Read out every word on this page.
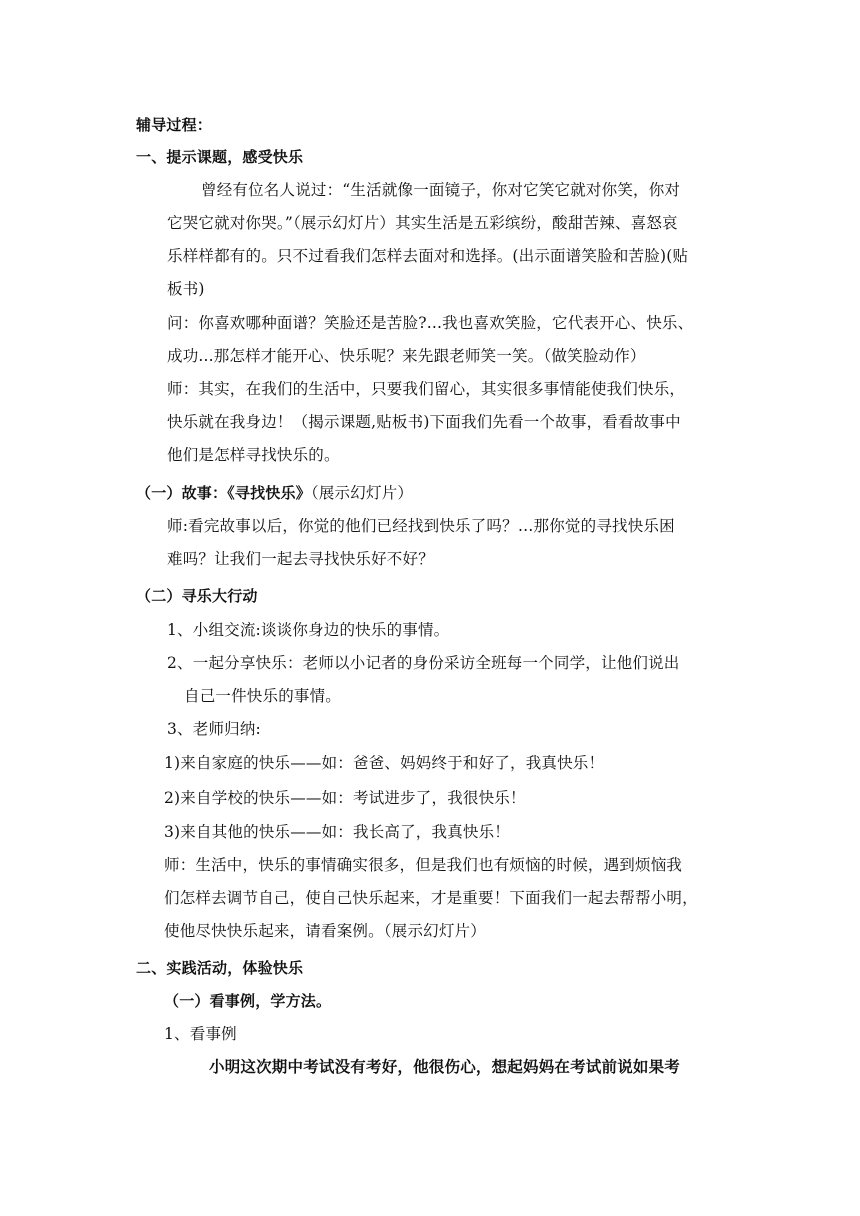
辅导过程：
一、提示课题，感受快乐
曾经有位名人说过：“生活就像一面镜子，你对它笑它就对你笑，你对
它哭它就对你哭。”（展示幻灯片）其实生活是五彩缤纷，酸甜苦辣、喜怒哀
乐样样都有的。只不过看我们怎样去面对和选择。(出示面谱笑脸和苦脸)(贴
板书)
问：你喜欢哪种面谱？笑脸还是苦脸?...我也喜欢笑脸，它代表开心、快乐、
成功...那怎样才能开心、快乐呢？来先跟老师笑一笑。（做笑脸动作）
师：其实，在我们的生活中，只要我们留心，其实很多事情能使我们快乐，
快乐就在我身边！（揭示课题,贴板书)下面我们先看一个故事，看看故事中
他们是怎样寻找快乐的。
（一）故事：《寻找快乐》（展示幻灯片）
师:看完故事以后，你觉的他们已经找到快乐了吗？…那你觉的寻找快乐困
难吗？让我们一起去寻找快乐好不好？
（二）寻乐大行动
1、小组交流:谈谈你身边的快乐的事情。
2、一起分享快乐：老师以小记者的身份采访全班每一个同学，让他们说出
自己一件快乐的事情。
3、老师归纳:
1)来自家庭的快乐——如：爸爸、妈妈终于和好了，我真快乐！
2)来自学校的快乐——如：考试进步了，我很快乐！
3)来自其他的快乐——如：我长高了，我真快乐！
师：生活中，快乐的事情确实很多，但是我们也有烦恼的时候，遇到烦恼我
们怎样去调节自己，使自己快乐起来，才是重要！下面我们一起去帮帮小明，
使他尽快快乐起来，请看案例。（展示幻灯片）
二、实践活动，体验快乐
（一）看事例，学方法。
1、看事例
小明这次期中考试没有考好，他很伤心，想起妈妈在考试前说如果考
